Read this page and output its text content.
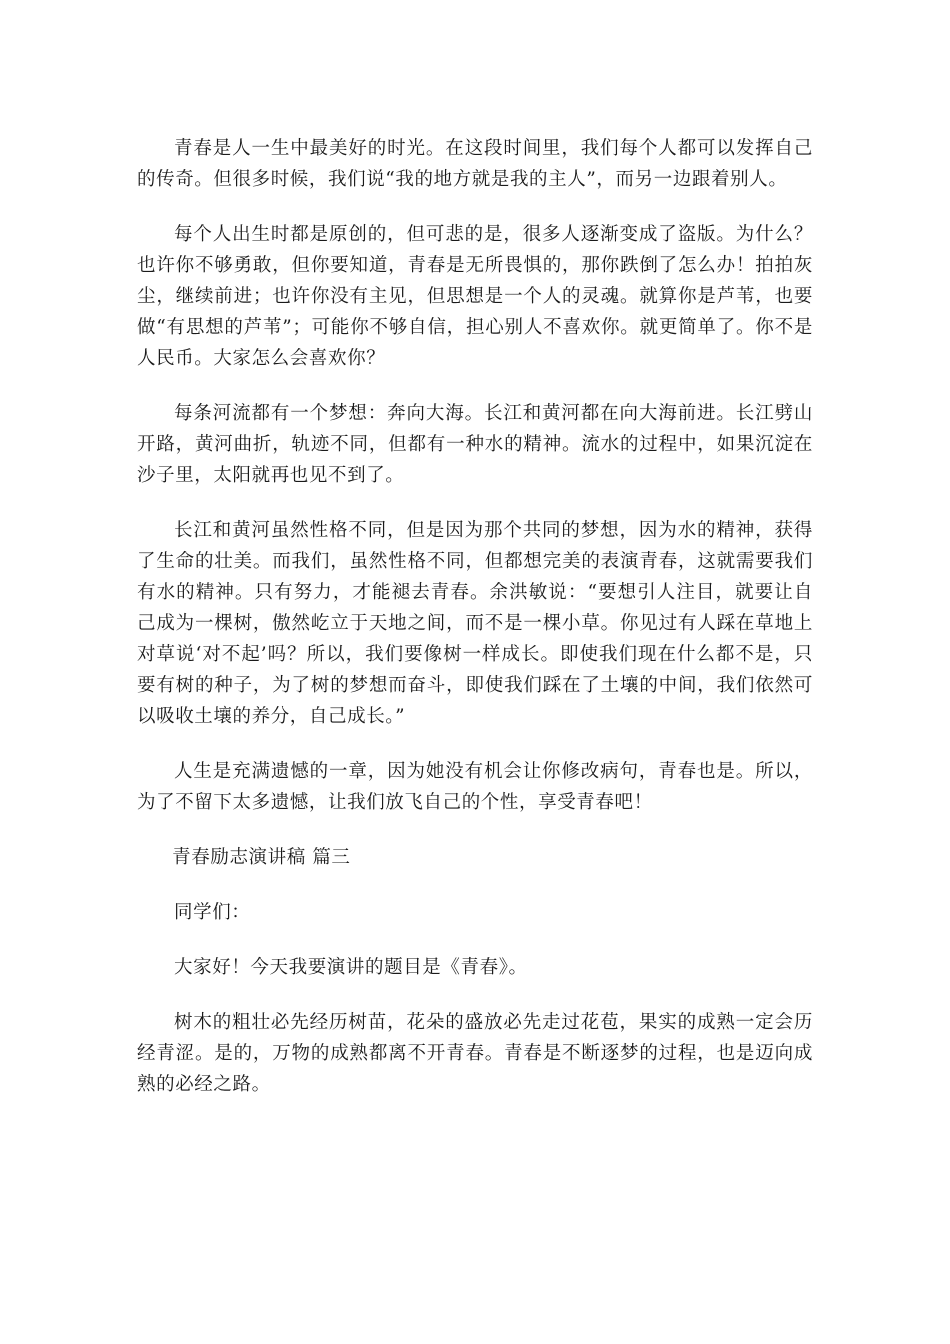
青春是人一生中最美好的时光。在这段时间里，我们每个人都可以发挥自己的传奇。但很多时候，我们说“我的地方就是我的主人”，而另一边跟着别人。

每个人出生时都是原创的，但可悲的是，很多人逐渐变成了盗版。为什么？也许你不够勇敢，但你要知道，青春是无所畏惧的，那你跌倒了怎么办！拍拍灰尘，继续前进；也许你没有主见，但思想是一个人的灵魂。就算你是芦苇，也要做“有思想的芦苇”；可能你不够自信，担心别人不喜欢你。就更简单了。你不是人民币。大家怎么会喜欢你？

每条河流都有一个梦想：奔向大海。长江和黄河都在向大海前进。长江劈山开路，黄河曲折，轨迹不同，但都有一种水的精神。流水的过程中，如果沉淀在沙子里，太阳就再也见不到了。

长江和黄河虽然性格不同，但是因为那个共同的梦想，因为水的精神，获得了生命的壮美。而我们，虽然性格不同，但都想完美的表演青春，这就需要我们有水的精神。只有努力，才能褪去青春。余洪敏说：“要想引人注目，就要让自己成为一棵树，傲然屹立于天地之间，而不是一棵小草。你见过有人踩在草地上对草说‘对不起’吗？所以，我们要像树一样成长。即使我们现在什么都不是，只要有树的种子，为了树的梦想而奋斗，即使我们踩在了土壤的中间，我们依然可以吸收土壤的养分，自己成长。”

人生是充满遗憾的一章，因为她没有机会让你修改病句，青春也是。所以，为了不留下太多遗憾，让我们放飞自己的个性，享受青春吧！

青春励志演讲稿 篇三

同学们：

大家好！今天我要演讲的题目是《青春》。

树木的粗壮必先经历树苗，花朵的盛放必先走过花苞，果实的成熟一定会历经青涩。是的，万物的成熟都离不开青春。青春是不断逐梦的过程，也是迈向成熟的必经之路。
